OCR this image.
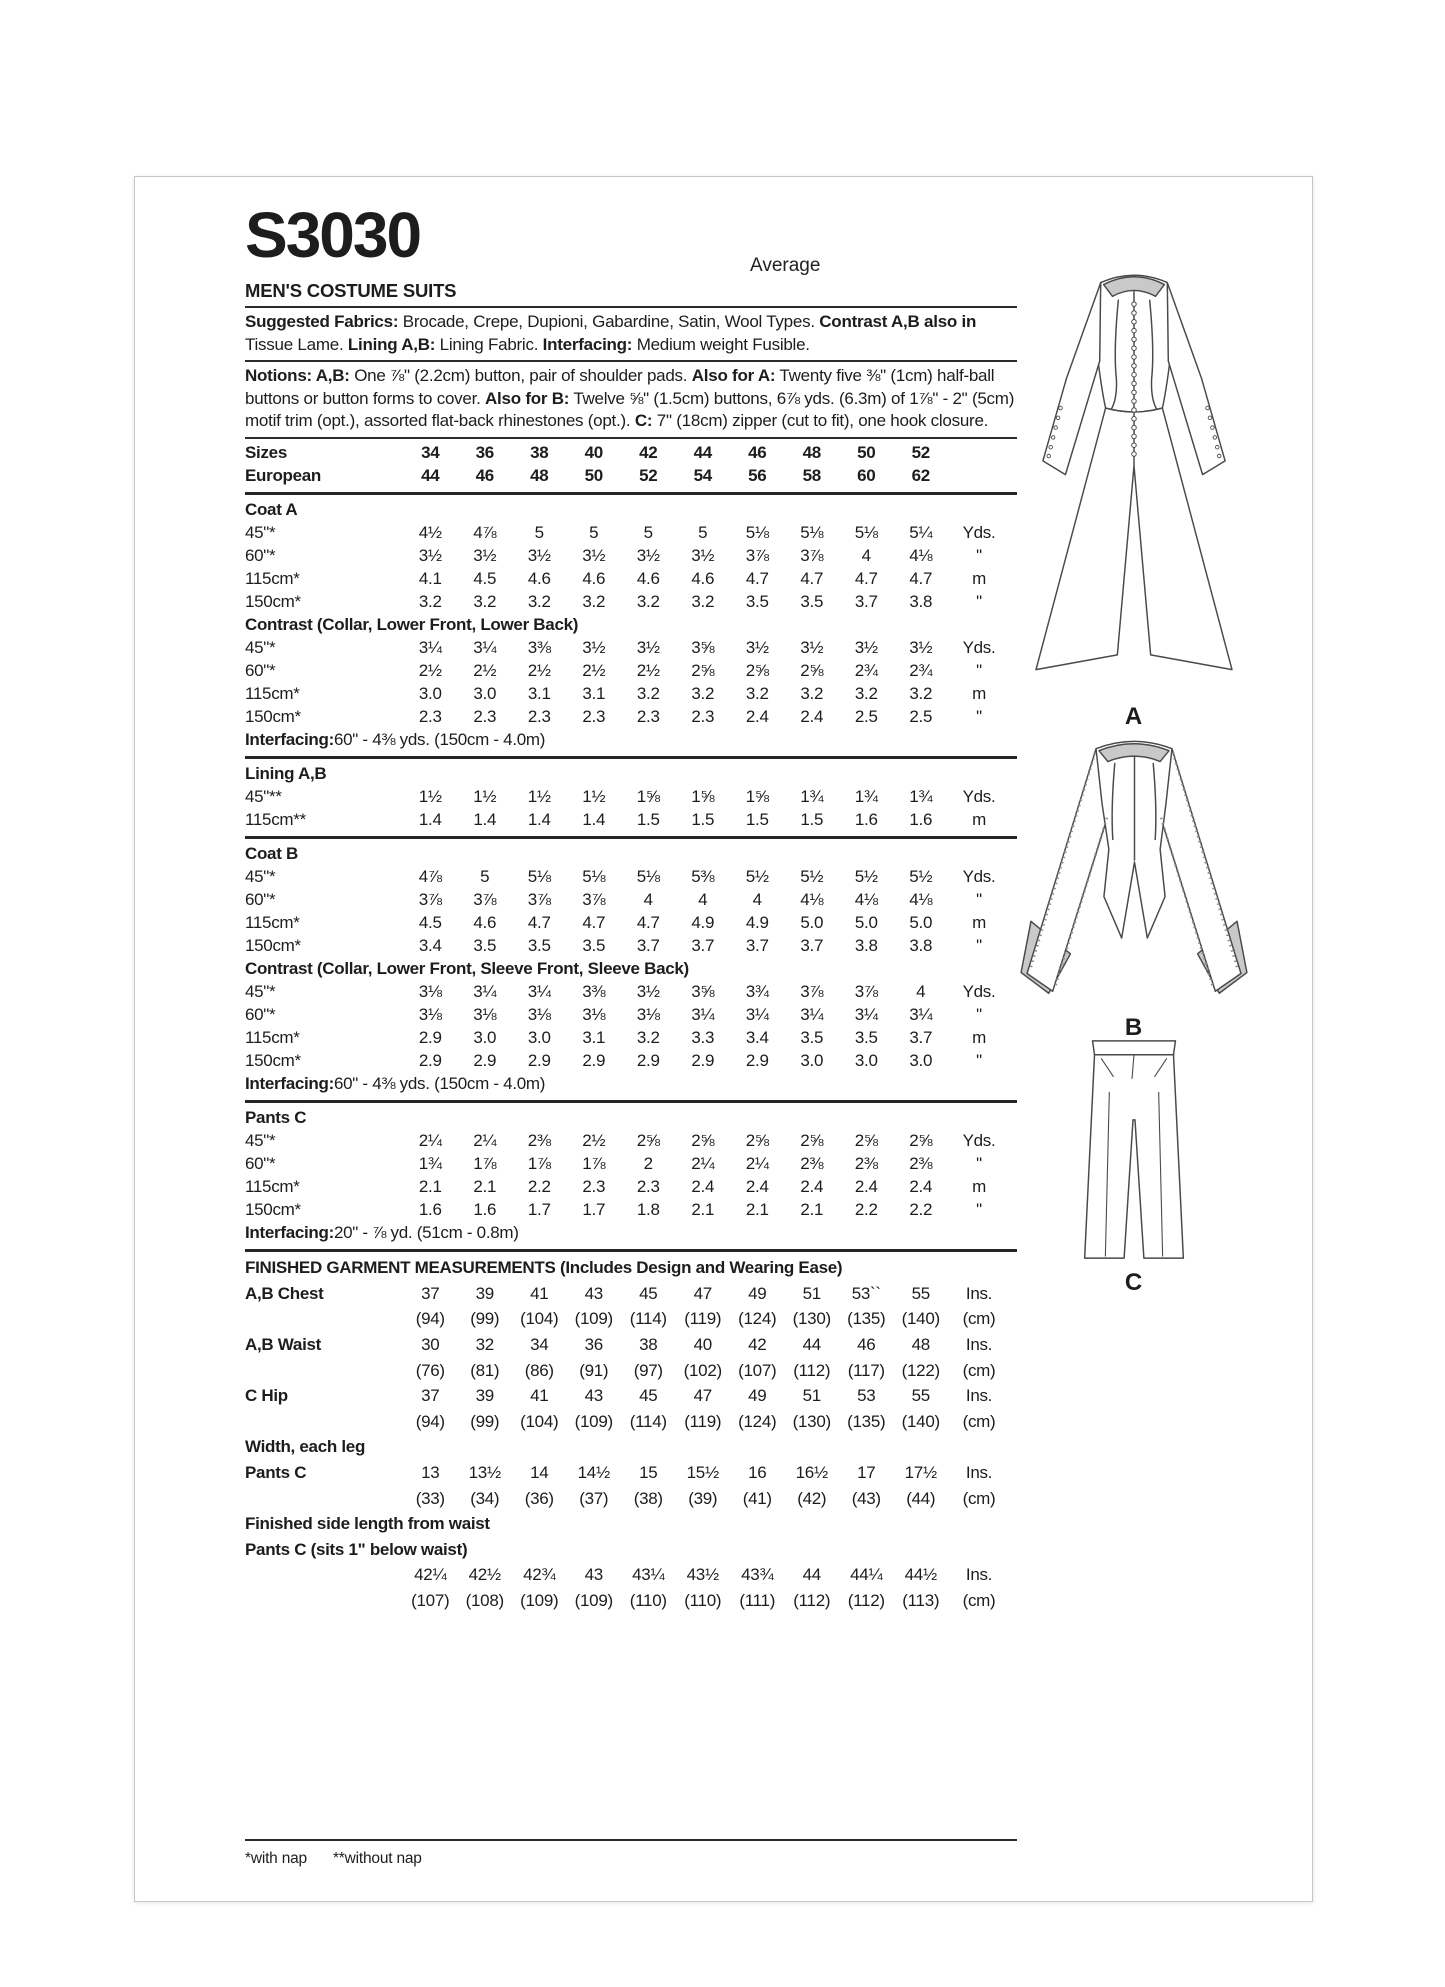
S3030	Average
MEN'S COSTUME SUITS
Suggested Fabrics: Brocade, Crepe, Dupioni, Gabardine, Satin, Wool Types. Contrast A,B also in Tissue Lame. Lining A,B: Lining Fabric. Interfacing: Medium weight Fusible.
Notions: A,B: One ⅞" (2.2cm) button, pair of shoulder pads. Also for A: Twenty five ⅜" (1cm) half-ball buttons or button forms to cover. Also for B: Twelve ⅝" (1.5cm) buttons, 6⅞ yds. (6.3m) of 1⅞" - 2" (5cm) motif trim (opt.), assorted flat-back rhinestones (opt.). C: 7" (18cm) zipper (cut to fit), one hook closure.
Sizes	34	36	38	40	42	44	46	48	50	52
European	44	46	48	50	52	54	56	58	60	62
Coat A
45"*	4½	4⅞	5	5	5	5	5⅛	5⅛	5⅛	5¼	Yds.
60"*	3½	3½	3½	3½	3½	3½	3⅞	3⅞	4	4⅛	"
115cm*	4.1	4.5	4.6	4.6	4.6	4.6	4.7	4.7	4.7	4.7	m
150cm*	3.2	3.2	3.2	3.2	3.2	3.2	3.5	3.5	3.7	3.8	"
Contrast (Collar, Lower Front, Lower Back)
45"*	3¼	3¼	3⅜	3½	3½	3⅝	3½	3½	3½	3½	Yds.
60"*	2½	2½	2½	2½	2½	2⅝	2⅝	2⅝	2¾	2¾	"
115cm*	3.0	3.0	3.1	3.1	3.2	3.2	3.2	3.2	3.2	3.2	m
150cm*	2.3	2.3	2.3	2.3	2.3	2.3	2.4	2.4	2.5	2.5	"
Interfacing: 60" - 4⅜ yds. (150cm - 4.0m)
Lining A,B
45"**	1½	1½	1½	1½	1⅝	1⅝	1⅝	1¾	1¾	1¾	Yds.
115cm**	1.4	1.4	1.4	1.4	1.5	1.5	1.5	1.5	1.6	1.6	m
Coat B
45"*	4⅞	5	5⅛	5⅛	5⅛	5⅜	5½	5½	5½	5½	Yds.
60"*	3⅞	3⅞	3⅞	3⅞	4	4	4	4⅛	4⅛	4⅛	"
115cm*	4.5	4.6	4.7	4.7	4.7	4.9	4.9	5.0	5.0	5.0	m
150cm*	3.4	3.5	3.5	3.5	3.7	3.7	3.7	3.7	3.8	3.8	"
Contrast (Collar, Lower Front, Sleeve Front, Sleeve Back)
45"*	3⅛	3¼	3¼	3⅜	3½	3⅝	3¾	3⅞	3⅞	4	Yds.
60"*	3⅛	3⅛	3⅛	3⅛	3⅛	3¼	3¼	3¼	3¼	3¼	"
115cm*	2.9	3.0	3.0	3.1	3.2	3.3	3.4	3.5	3.5	3.7	m
150cm*	2.9	2.9	2.9	2.9	2.9	2.9	2.9	3.0	3.0	3.0	"
Interfacing: 60" - 4⅜ yds. (150cm - 4.0m)
Pants C
45"*	2¼	2¼	2⅜	2½	2⅝	2⅝	2⅝	2⅝	2⅝	2⅝	Yds.
60"*	1¾	1⅞	1⅞	1⅞	2	2¼	2¼	2⅜	2⅜	2⅜	"
115cm*	2.1	2.1	2.2	2.3	2.3	2.4	2.4	2.4	2.4	2.4	m
150cm*	1.6	1.6	1.7	1.7	1.8	2.1	2.1	2.1	2.2	2.2	"
Interfacing: 20" - ⅞ yd. (51cm - 0.8m)
FINISHED GARMENT MEASUREMENTS (Includes Design and Wearing Ease)
A,B Chest	37	39	41	43	45	47	49	51	53``	55	Ins.
(94)	(99)	(104) (109) (114)	(119) (124) (130) (135) (140)	(cm)
A,B Waist	30	32	34	36	38	40	42	44	46	48	Ins.
(76)	(81)	(86)	(91)	(97)	(102) (107) (112)	(117) (122)	(cm)
C Hip	37	39	41	43	45	47	49	51	53	55	Ins.
(94)	(99)	(104) (109) (114)	(119) (124) (130) (135) (140)	(cm)
Width, each leg
Pants C	13	13½	14	14½	15	15½	16	16½	17	17½	Ins.
(33)	(34)	(36)	(37)	(38)	(39)	(41)	(42)	(43)	(44)	(cm)
Finished side length from waist
Pants C (sits 1" below waist)
42¼	42½	42¾	43	43¼	43½	43¾	44	44¼	44½	Ins.
(107) (108) (109) (109) (110)	(110)	(111)	(112)	(112)	(113)	(cm)
*with nap **without nap
A
B
C
